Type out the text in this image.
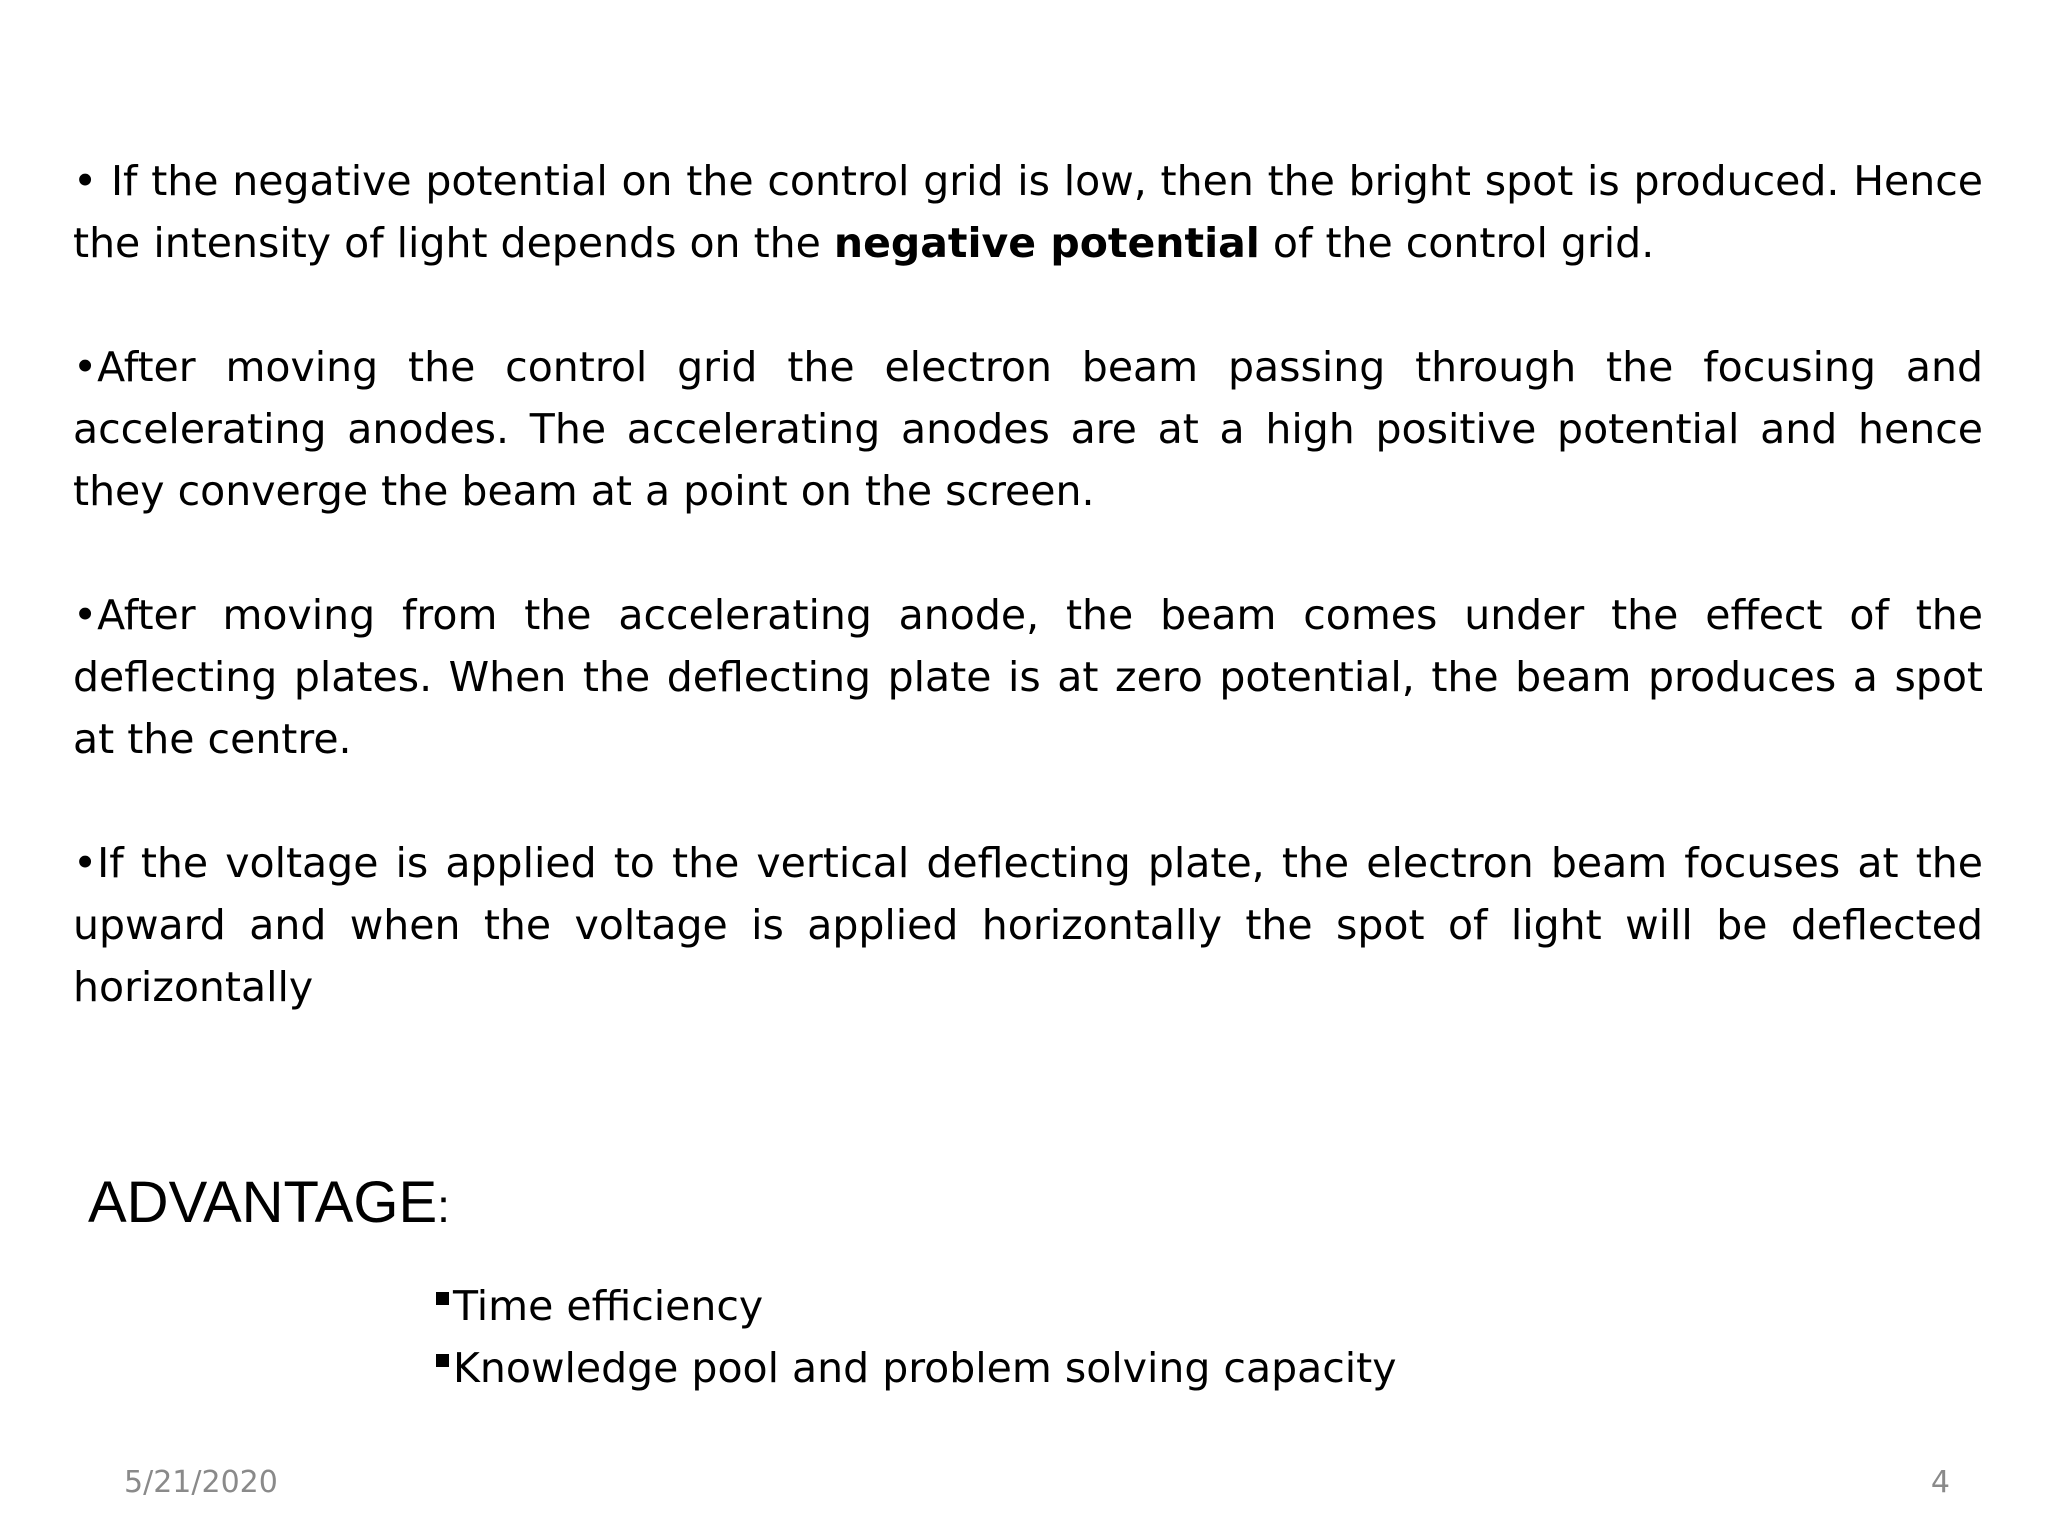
• If the negative potential on the control grid is low, then the bright spot is produced. Hence the intensity of light depends on the negative potential of the control grid.

•After moving the control grid the electron beam passing through the focusing and accelerating anodes. The accelerating anodes are at a high positive potential and hence they converge the beam at a point on the screen.

•After moving from the accelerating anode, the beam comes under the effect of the deflecting plates. When the deflecting plate is at zero potential, the beam produces a spot at the centre.

•If the voltage is applied to the vertical deflecting plate, the electron beam focuses at the upward and when the voltage is applied horizontally the spot of light will be deflected horizontally

ADVANTAGE:
Time efficiency
Knowledge pool and problem solving capacity
5/21/2020	4
